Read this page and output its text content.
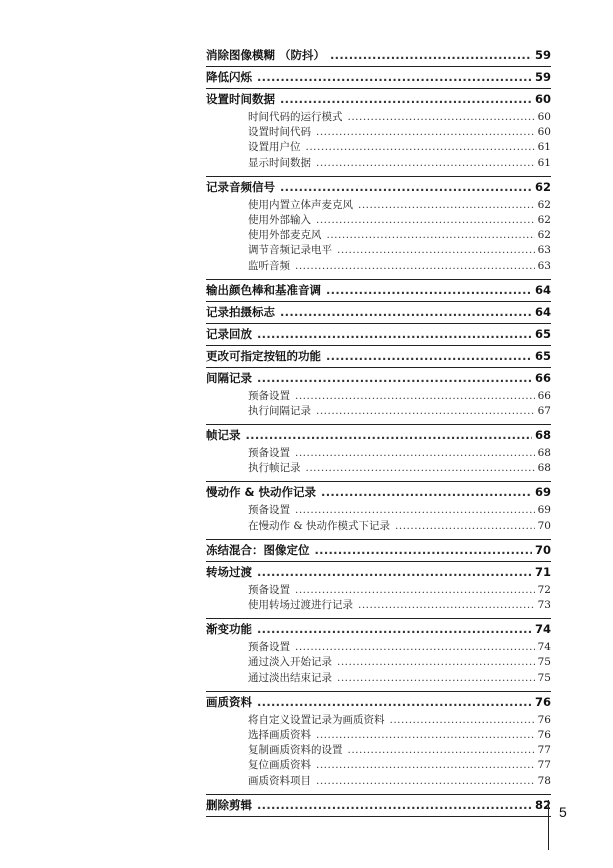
消除图像模糊 （防抖） .....	59
降低闪烁 .....	59
设置时间数据 .....	60
时间代码的运行模式 .....	60
设置时间代码 .....	60
设置用户位 .....	61
显示时间数据 .....	61
记录音频信号 .....	62
使用内置立体声麦克风 .....	62
使用外部输入 .....	62
使用外部麦克风 .....	62
调节音频记录电平 .....	63
监听音频 .....	63
输出颜色棒和基准音调 .....	64
记录拍摄标志 .....	64
记录回放 .....	65
更改可指定按钮的功能 .....	65
间隔记录 .....	66
预备设置 .....	66
执行间隔记录 .....	67
帧记录 .....	68
预备设置 .....	68
执行帧记录 .....	68
慢动作 & 快动作记录 .....	69
预备设置 .....	69
在慢动作 & 快动作模式下记录 .....	70
冻结混合：图像定位 .....	70
转场过渡 .....	71
预备设置 .....	72
使用转场过渡进行记录 .....	73
渐变功能 .....	74
预备设置 .....	74
通过淡入开始记录 .....	75
通过淡出结束记录 .....	75
画质资料 .....	76
将自定义设置记录为画质资料 .....	76
选择画质资料 .....	76
复制画质资料的设置 .....	77
复位画质资料 .....	77
画质资料项目 .....	78
删除剪辑 .....	82 5
